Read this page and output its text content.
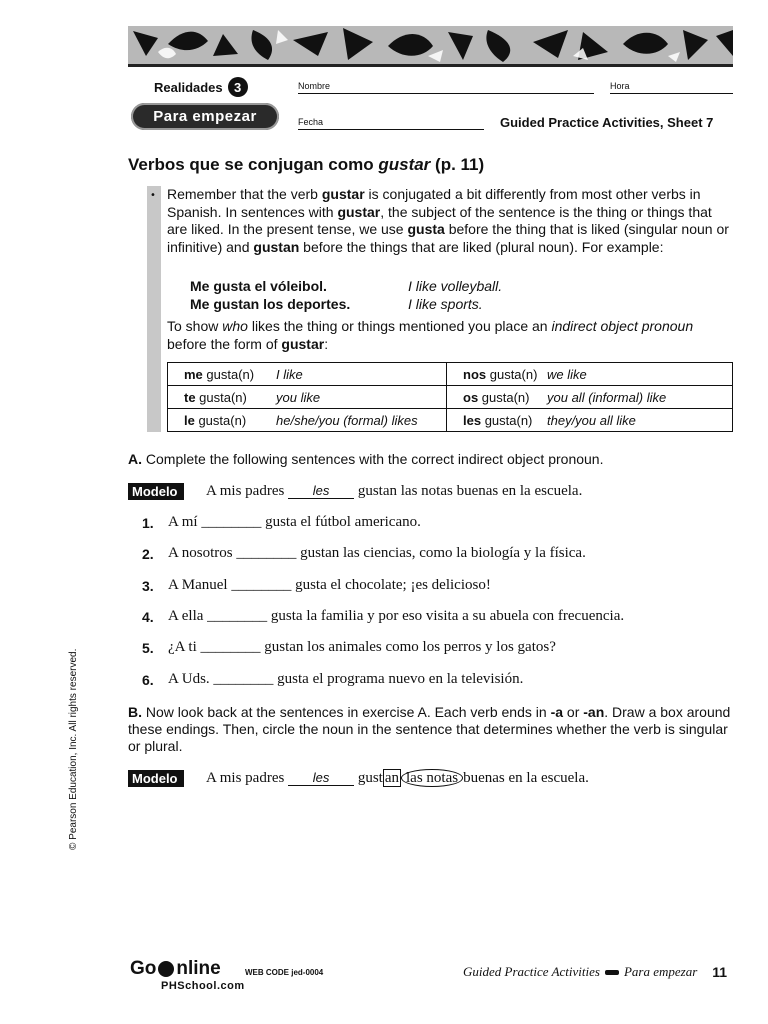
Realidades 3
Para empezar
Nombre	Hora
Fecha	Guided Practice Activities, Sheet 7
Verbos que se conjugan como gustar (p. 11)
• Remember that the verb gustar is conjugated a bit differently from most other verbs in Spanish. In sentences with gustar, the subject of the sentence is the thing or things that are liked. In the present tense, we use gusta before the thing that is liked (singular noun or infinitive) and gustan before the things that are liked (plural noun). For example:

Me gusta el vóleibol.	I like volleyball.
Me gustan los deportes.	I like sports.

To show who likes the thing or things mentioned you place an indirect object pronoun before the form of gustar:

me gusta(n)	I like	nos gusta(n)	we like
te gusta(n)	you like	os gusta(n)	you all (informal) like
le gusta(n)	he/she/you (formal) likes	les gusta(n)	they/you all like
A. Complete the following sentences with the correct indirect object pronoun.
Modelo	A mis padres les gustan las notas buenas en la escuela.
1. A mí ________ gusta el fútbol americano.
2. A nosotros ________ gustan las ciencias, como la biología y la física.
3. A Manuel ________ gusta el chocolate; ¡es delicioso!
4. A ella ________ gusta la familia y por eso visita a su abuela con frecuencia.
5. ¿A ti ________ gustan los animales como los perros y los gatos?
6. A Uds. ________ gusta el programa nuevo en la televisión.
B. Now look back at the sentences in exercise A. Each verb ends in -a or -an. Draw a box around these endings. Then, circle the noun in the sentence that determines whether the verb is singular or plural.
Modelo	A mis padres les gust an las notas buenas en la escuela.
© Pearson Education, Inc. All rights reserved.
Go nline	WEB CODE jed-0004
PHSchool.com
Guided Practice Activities Para empezar 11
